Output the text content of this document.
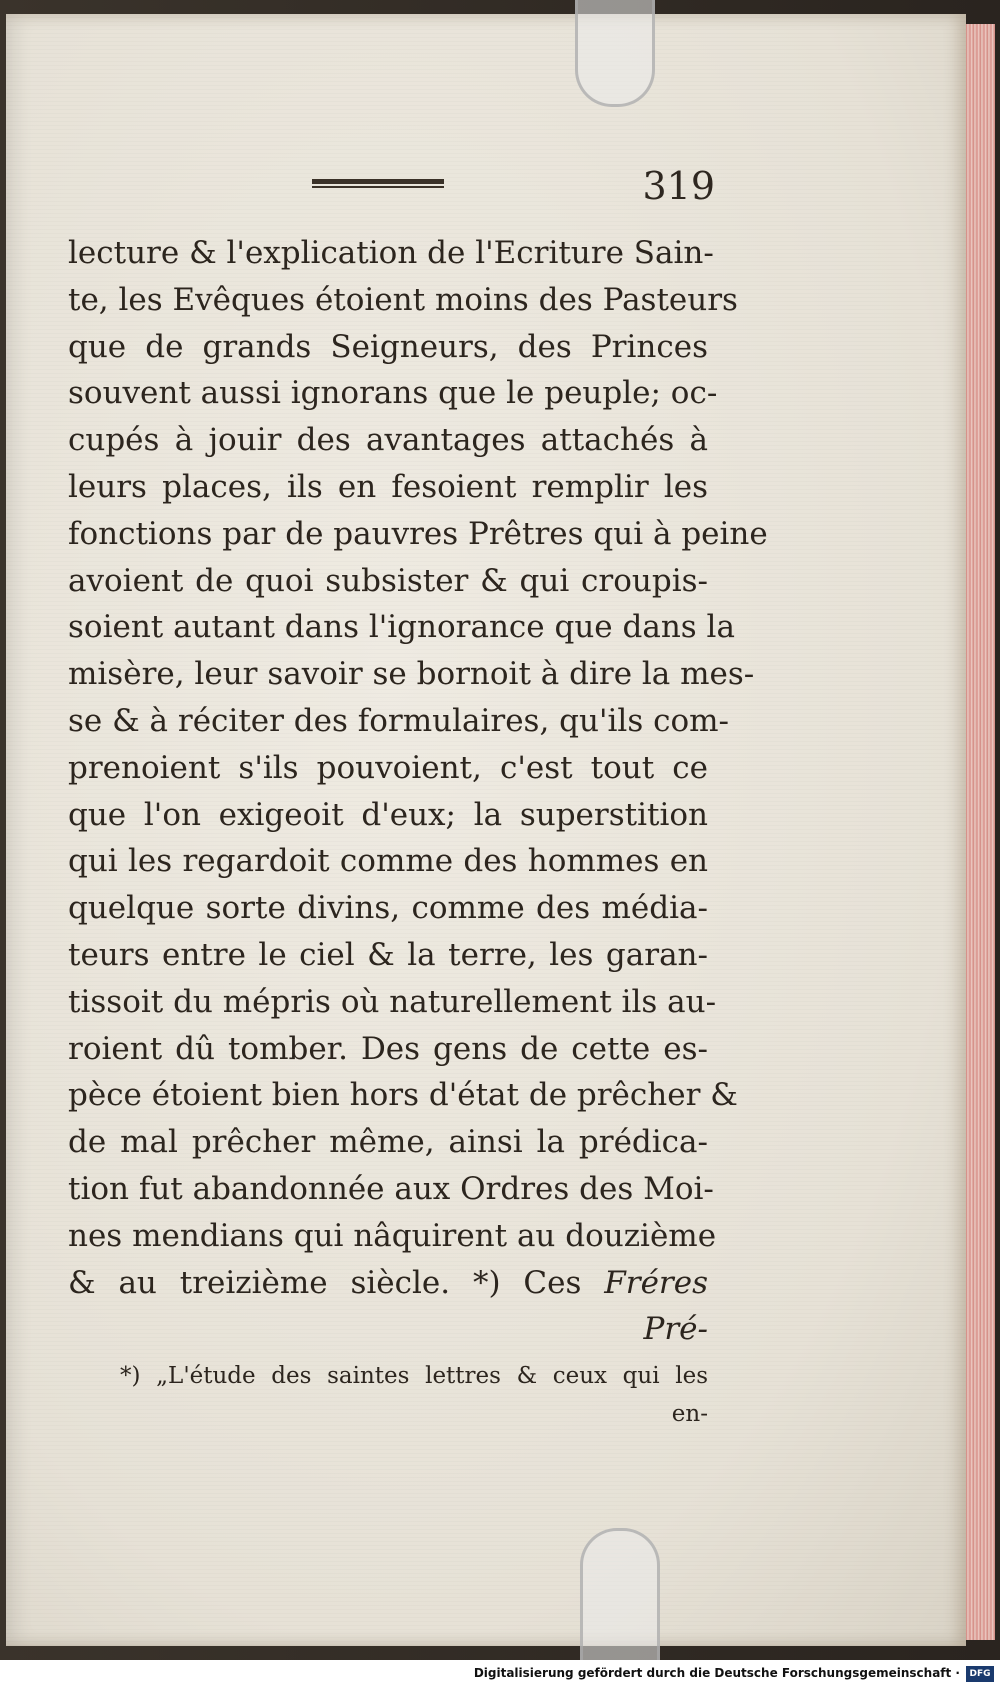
319
lecture & l'explication de l'Ecriture Sain-
te, les Evêques étoient moins des Pasteurs
que de grands Seigneurs, des Princes
souvent aussi ignorans que le peuple; oc-
cupés à jouir des avantages attachés à
leurs places, ils en fesoient remplir les
fonctions par de pauvres Prêtres qui à peine
avoient de quoi subsister & qui croupis-
soient autant dans l'ignorance que dans la
misère, leur savoir se bornoit à dire la mes-
se & à réciter des formulaires, qu'ils com-
prenoient s'ils pouvoient, c'est tout ce
que l'on exigeoit d'eux; la superstition
qui les regardoit comme des hommes en
quelque sorte divins, comme des média-
teurs entre le ciel & la terre, les garan-
tissoit du mépris où naturellement ils au-
roient dû tomber. Des gens de cette es-
pèce étoient bien hors d'état de prêcher &
de mal prêcher même, ainsi la prédica-
tion fut abandonnée aux Ordres des Moi-
nes mendians qui nâquirent au douzième
& au treizième siècle. *) Ces Fréres
Pré-
*) „L'étude des saintes lettres & ceux qui les
en-
Digitalisierung gefördert durch die Deutsche Forschungsgemeinschaft ·	DFG
